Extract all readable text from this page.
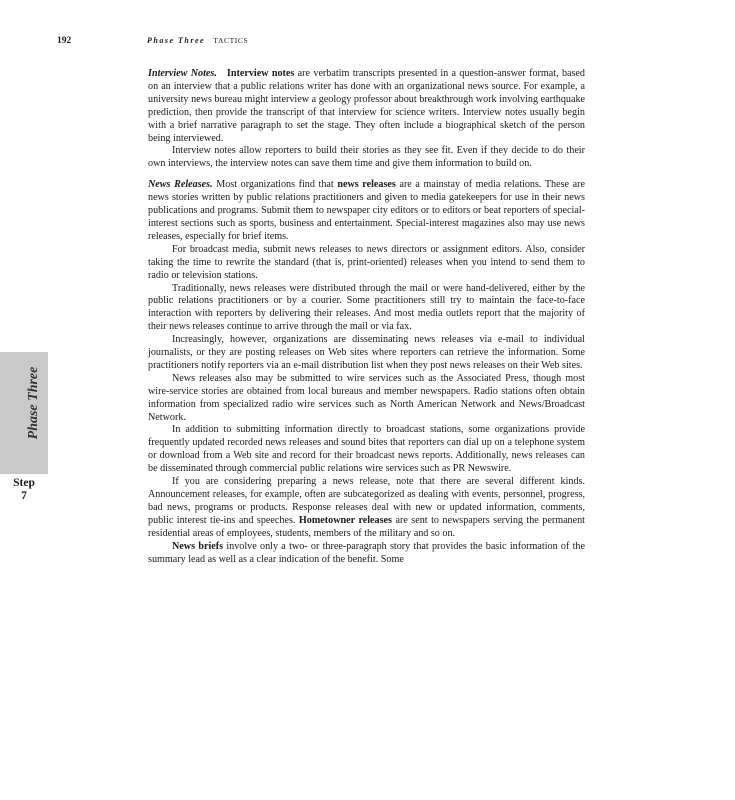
192	Phase Three TACTICS
Phase Three
Step
7

Interview Notes. Interview notes are verbatim transcripts presented in a question-answer format, based on an interview that a public relations writer has done with an organizational news source. For example, a university news bureau might interview a geology professor about breakthrough work involving earthquake prediction, then provide the transcript of that interview for science writers. Interview notes usually begin with a brief narrative paragraph to set the stage. They often include a biographical sketch of the person being interviewed.

Interview notes allow reporters to build their stories as they see fit. Even if they decide to do their own interviews, the interview notes can save them time and give them information to build on.

News Releases. Most organizations find that news releases are a mainstay of media relations. These are news stories written by public relations practitioners and given to media gatekeepers for use in their news publications and programs. Submit them to newspaper city editors or to editors or beat reporters of special-interest sections such as sports, business and entertainment. Special-interest magazines also may use news releases, especially for brief items.

For broadcast media, submit news releases to news directors or assignment editors. Also, consider taking the time to rewrite the standard (that is, print-oriented) releases when you intend to send them to radio or television stations.

Traditionally, news releases were distributed through the mail or were hand-delivered, either by the public relations practitioners or by a courier. Some practitioners still try to maintain the face-to-face interaction with reporters by delivering their releases. And most media outlets report that the majority of their news releases continue to arrive through the mail or via fax.

Increasingly, however, organizations are disseminating news releases via e-mail to individual journalists, or they are posting releases on Web sites where reporters can retrieve the information. Some practitioners notify reporters via an e-mail distribution list when they post news releases on their Web sites.

News releases also may be submitted to wire services such as the Associated Press, though most wire-service stories are obtained from local bureaus and member newspapers. Radio stations often obtain information from specialized radio wire services such as North American Network and News/Broadcast Network.

In addition to submitting information directly to broadcast stations, some organizations provide frequently updated recorded news releases and sound bites that reporters can dial up on a telephone system or download from a Web site and record for their broadcast news reports. Additionally, news releases can be disseminated through commercial public relations wire services such as PR Newswire.

If you are considering preparing a news release, note that there are several different kinds. Announcement releases, for example, often are subcategorized as dealing with events, personnel, progress, bad news, programs or products. Response releases deal with new or updated information, comments, public interest tie-ins and speeches. Hometowner releases are sent to newspapers serving the permanent residential areas of employees, students, members of the military and so on.

News briefs involve only a two- or three-paragraph story that provides the basic information of the summary lead as well as a clear indication of the benefit. Some
